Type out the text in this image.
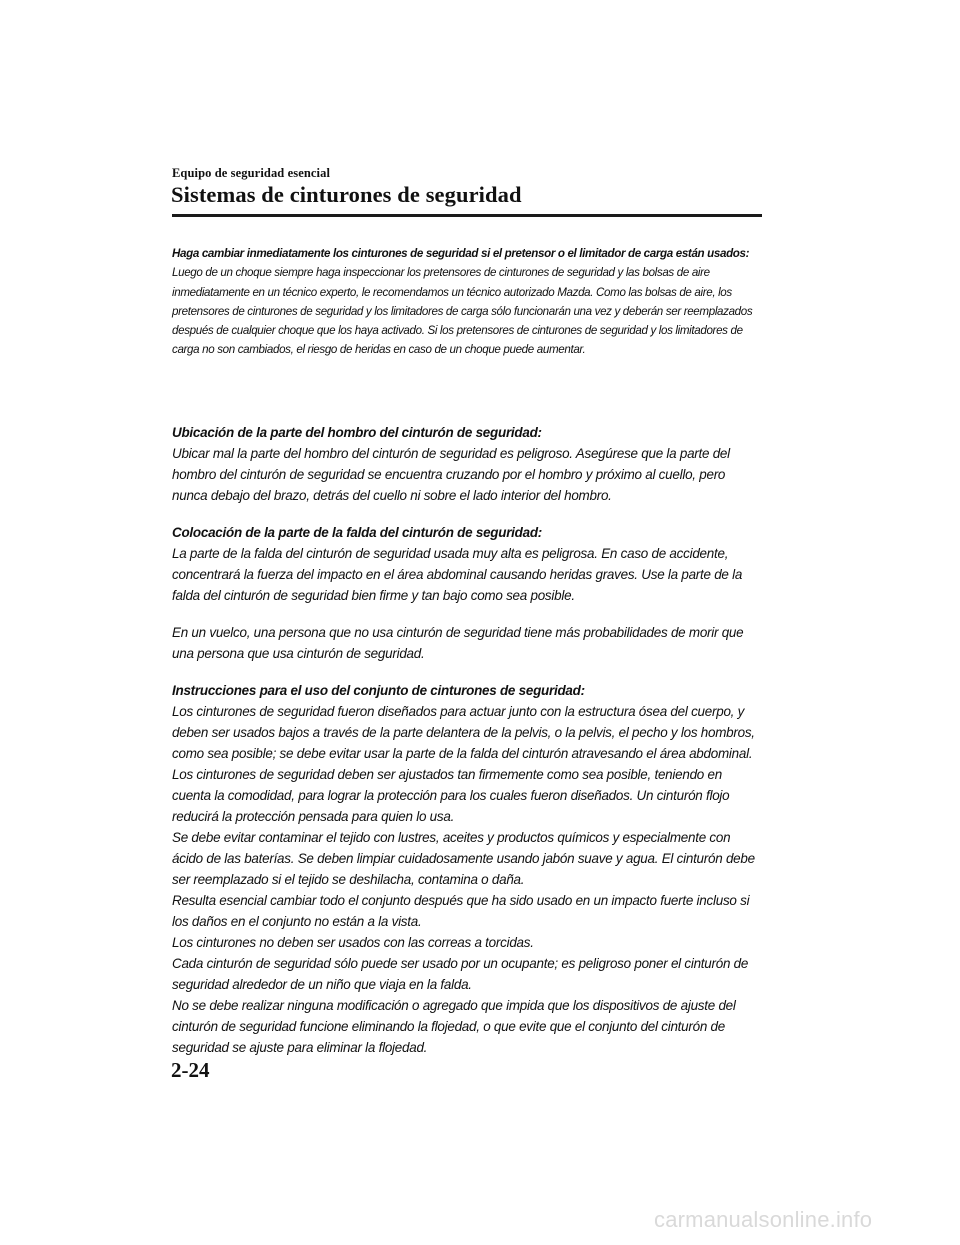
Equipo de seguridad esencial
Sistemas de cinturones de seguridad

Haga cambiar inmediatamente los cinturones de seguridad si el pretensor o el limitador de carga están usados:

Luego de un choque siempre haga inspeccionar los pretensores de cinturones de seguridad y las bolsas de aire inmediatamente en un técnico experto, le recomendamos un técnico autorizado Mazda. Como las bolsas de aire, los pretensores de cinturones de seguridad y los limitadores de carga sólo funcionarán una vez y deberán ser reemplazados después de cualquier choque que los haya activado. Si los pretensores de cinturones de seguridad y los limitadores de carga no son cambiados, el riesgo de heridas en caso de un choque puede aumentar.

Ubicación de la parte del hombro del cinturón de seguridad:

Ubicar mal la parte del hombro del cinturón de seguridad es peligroso. Asegúrese que la parte del hombro del cinturón de seguridad se encuentra cruzando por el hombro y próximo al cuello, pero nunca debajo del brazo, detrás del cuello ni sobre el lado interior del hombro.

Colocación de la parte de la falda del cinturón de seguridad:

La parte de la falda del cinturón de seguridad usada muy alta es peligrosa. En caso de accidente, concentrará la fuerza del impacto en el área abdominal causando heridas graves. Use la parte de la falda del cinturón de seguridad bien firme y tan bajo como sea posible.

En un vuelco, una persona que no usa cinturón de seguridad tiene más probabilidades de morir que una persona que usa cinturón de seguridad.

Instrucciones para el uso del conjunto de cinturones de seguridad:

Los cinturones de seguridad fueron diseñados para actuar junto con la estructura ósea del cuerpo, y deben ser usados bajos a través de la parte delantera de la pelvis, o la pelvis, el pecho y los hombros, como sea posible; se debe evitar usar la parte de la falda del cinturón atravesando el área abdominal.

Los cinturones de seguridad deben ser ajustados tan firmemente como sea posible, teniendo en cuenta la comodidad, para lograr la protección para los cuales fueron diseñados. Un cinturón flojo reducirá la protección pensada para quien lo usa.

Se debe evitar contaminar el tejido con lustres, aceites y productos químicos y especialmente con ácido de las baterías. Se deben limpiar cuidadosamente usando jabón suave y agua. El cinturón debe ser reemplazado si el tejido se deshilacha, contamina o daña.

Resulta esencial cambiar todo el conjunto después que ha sido usado en un impacto fuerte incluso si los daños en el conjunto no están a la vista.

Los cinturones no deben ser usados con las correas a torcidas.

Cada cinturón de seguridad sólo puede ser usado por un ocupante; es peligroso poner el cinturón de seguridad alrededor de un niño que viaja en la falda.

No se debe realizar ninguna modificación o agregado que impida que los dispositivos de ajuste del cinturón de seguridad funcione eliminando la flojedad, o que evite que el conjunto del cinturón de seguridad se ajuste para eliminar la flojedad.

2-24
carmanualsonline.info
